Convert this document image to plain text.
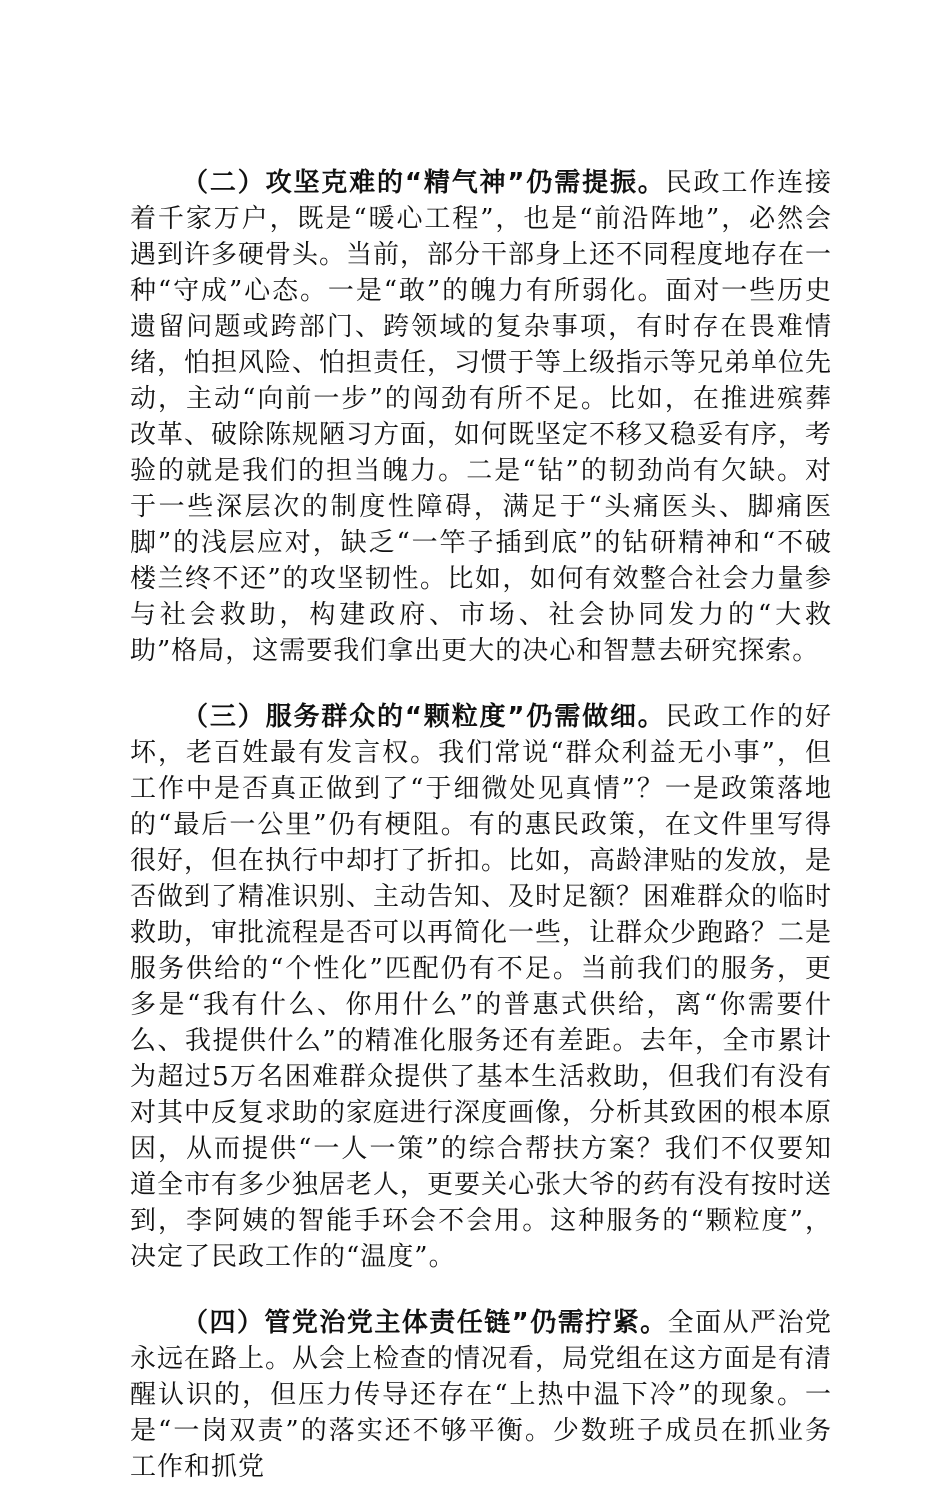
（二）攻坚克难的“精气神”仍需提振。民政工作连接着千家万户，既是“暖心工程”，也是“前沿阵地”，必然会遇到许多硬骨头。当前，部分干部身上还不同程度地存在一种“守成”心态。一是“敢”的魄力有所弱化。面对一些历史遗留问题或跨部门、跨领域的复杂事项，有时存在畏难情绪，怕担风险、怕担责任，习惯于等上级指示等兄弟单位先动，主动“向前一步”的闯劲有所不足。比如，在推进殡葬改革、破除陈规陋习方面，如何既坚定不移又稳妥有序，考验的就是我们的担当魄力。二是“钻”的韧劲尚有欠缺。对于一些深层次的制度性障碍，满足于“头痛医头、脚痛医脚”的浅层应对，缺乏“一竿子插到底”的钻研精神和“不破楼兰终不还”的攻坚韧性。比如，如何有效整合社会力量参与社会救助，构建政府、市场、社会协同发力的“大救助”格局，这需要我们拿出更大的决心和智慧去研究探索。

（三）服务群众的“颗粒度”仍需做细。民政工作的好坏，老百姓最有发言权。我们常说“群众利益无小事”，但工作中是否真正做到了“于细微处见真情”？一是政策落地的“最后一公里”仍有梗阻。有的惠民政策，在文件里写得很好，但在执行中却打了折扣。比如，高龄津贴的发放，是否做到了精准识别、主动告知、及时足额？困难群众的临时救助，审批流程是否可以再简化一些，让群众少跑路？二是服务供给的“个性化”匹配仍有不足。当前我们的服务，更多是“我有什么、你用什么”的普惠式供给，离“你需要什么、我提供什么”的精准化服务还有差距。去年，全市累计为超过5万名困难群众提供了基本生活救助，但我们有没有对其中反复求助的家庭进行深度画像，分析其致困的根本原因，从而提供“一人一策”的综合帮扶方案？我们不仅要知道全市有多少独居老人，更要关心张大爷的药有没有按时送到，李阿姨的智能手环会不会用。这种服务的“颗粒度”，决定了民政工作的“温度”。

（四）管党治党主体责任链”仍需拧紧。全面从严治党永远在路上。从会上检查的情况看，局党组在这方面是有清醒认识的，但压力传导还存在“上热中温下冷”的现象。一是“一岗双责”的落实还不够平衡。少数班子成员在抓业务工作和抓党
